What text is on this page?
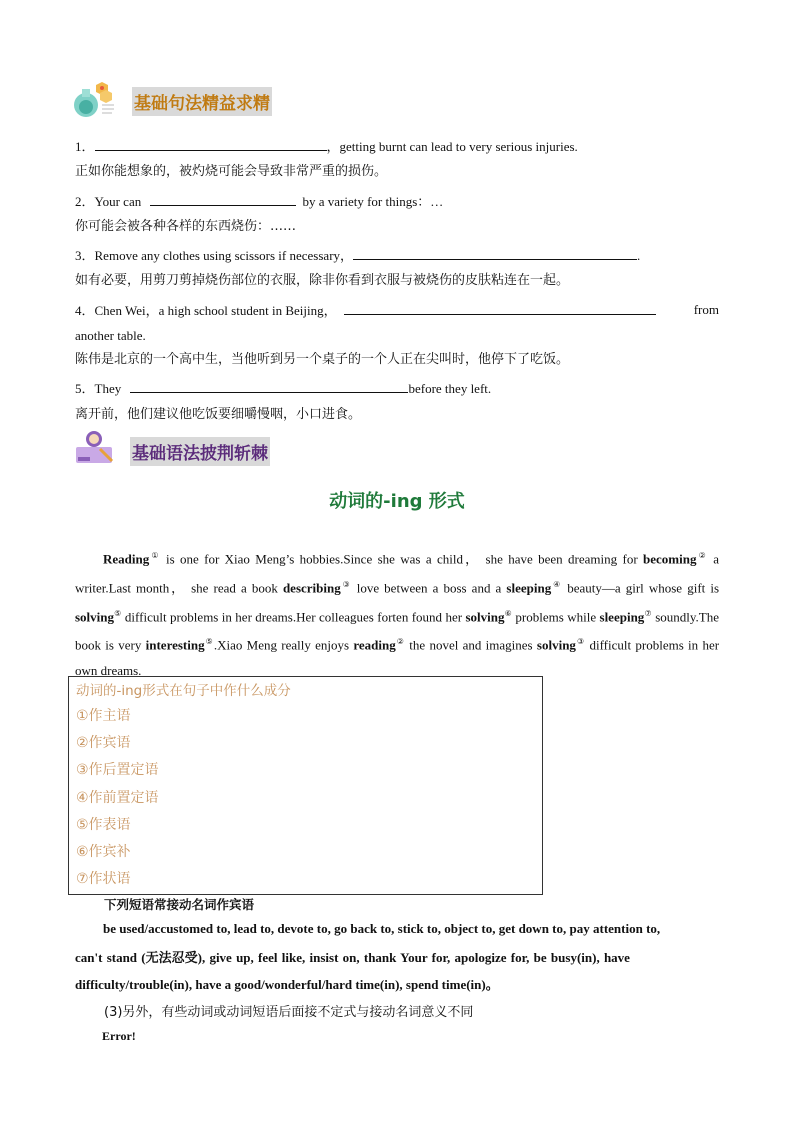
基础句法精益求精
1．	，getting burnt can lead to very serious injuries.
正如你能想象的，被灼烧可能会导致非常严重的损伤。
2．Your can	by a variety for things：…
你可能会被各种各样的东西烧伤：……
3．Remove any clothes using scissors if necessary，	.
如有必要，用剪刀剪掉烧伤部位的衣服，除非你看到衣服与被烧伤的皮肤粘连在一起。
4．Chen Wei，a high school student in Beijing，	from
another table.
陈伟是北京的一个高中生，当他听到另一个桌子的一个人正在尖叫时，他停下了吃饭。
5．They	before they left.
离开前，他们建议他吃饭要细嚼慢咽，小口进食。
基础语法披荆斩棘
动词的-ing 形式
Reading① is one for Xiao Meng’s hobbies.Since she was a child， she have been dreaming for becoming② a writer.Last month， she read a book describing③ love between a boss and a sleeping④ beauty—a girl whose gift is solving⑤ difficult problems in her dreams.Her colleagues forten found her solving⑥ problems while sleeping⑦ soundly.The book is very interesting⑤.Xiao Meng really enjoys reading② the novel and imagines solving③ difficult problems in her own dreams.
动词的-ing形式在句子中作什么成分
①作主语
②作宾语
③作后置定语
④作前置定语
⑤作表语
⑥作宾补
⑦作状语
下列短语常接动名词作宾语
be used/accustomed to, lead to, devote to, go back to, stick to, object to, get down to, pay attention to,
can't stand (无法忍受), give up, feel like, insist on, thank Your for, apologize for, be busy(in), have
difficulty/trouble(in), have a good/wonderful/hard time(in), spend time(in)。
(3)另外，有些动词或动词短语后面接不定式与接动名词意义不同
Error!
